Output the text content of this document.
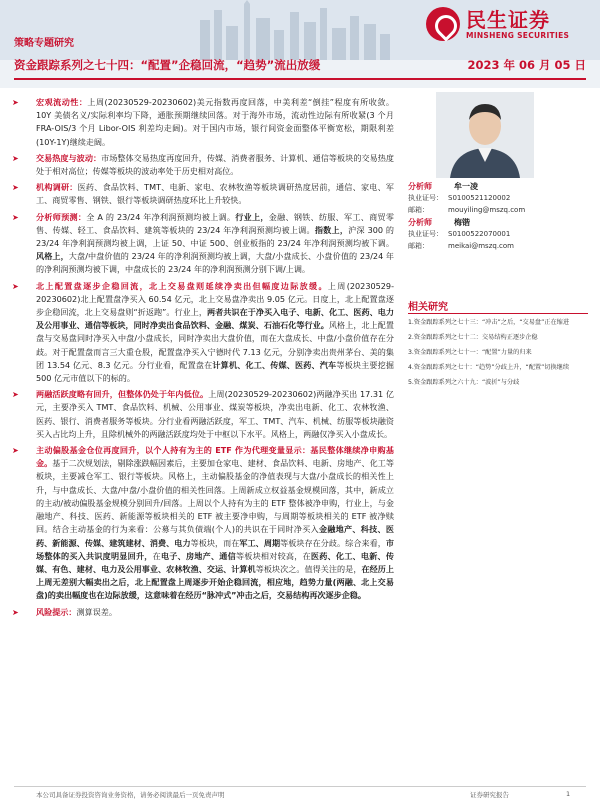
民生证券
MINSHENG SECURITIES
策略专题研究
资金跟踪系列之七十四：“配置”企稳回流，“趋势”流出放缓	2023 年 06 月 05 日
➤ 宏观流动性：上周(20230529-20230602)美元指数再度回落，中美利差“倒挂”程度有所收敛。10Y 美债名义/实际利率均下降，通胀预期继续回落。对于海外市场，流动性边际有所收紧(3 个月 FRA-OIS/3 个月 Libor-OIS 利差均走阔)。对于国内市场，银行间资金面整体平衡宽松，期限利差(10Y-1Y)继续走阔。
➤ 交易热度与波动：市场整体交易热度再度回升，传媒、消费者服务、计算机、通信等板块的交易热度处于相对高位；传媒等板块的波动率处于历史相对高位。
➤ 机构调研：医药、食品饮料、TMT、电新、家电、农林牧渔等板块调研热度居前，通信、家电、军工、商贸零售、钢铁、银行等板块调研热度环比上升较快。
➤ 分析师预测：全 A 的 23/24 年净利润预测均被上调。行业上，金融、钢铁、纺服、军工、商贸零售、传媒、轻工、食品饮料、建筑等板块的 23/24 年净利润预测均被上调。指数上，沪深 300 的 23/24 年净利润预测均被上调，上证 50、中证 500、创业板指的 23/24 年净利润预测均被下调。风格上，大盘/中盘价值的 23/24 年的净利润预测均被上调，大盘/小盘成长、小盘价值的 23/24 年的净利润预测均被下调，中盘成长的 23/24 年的净利润预测分别下调/上调。
➤ 北上配置盘逐步企稳回流，北上交易盘则延续净卖出但幅度边际放缓。上周(20230529-20230602)北上配置盘净买入 60.54 亿元，北上交易盘净卖出 9.05 亿元。日度上，北上配置盘逐步企稳回流，北上交易盘则“折返跑”。行业上，两者共识在于净买入电子、电新、化工、医药、电力及公用事业、通信等板块，同时净卖出食品饮料、金融、煤炭、石油石化等行业。风格上，北上配置盘与交易盘同时净买入中盘/小盘成长，同时净卖出大盘价值，而在大盘成长、中盘/小盘价值存在分歧。对于配置盘而言三大重仓股，配置盘净买入宁德时代 7.13 亿元，分别净卖出贵州茅台、美的集团 13.54 亿元、8.3 亿元。分行业看，配置盘在计算机、化工、传媒、医药、汽车等板块主要挖掘 500 亿元市值以下的标的。
➤ 两融活跃度略有回升，但整体仍处于年内低位。上周(20230529-20230602)两融净买出 17.31 亿元，主要净买入 TMT、食品饮料、机械、公用事业、煤炭等板块，净卖出电新、化工、农林牧渔、医药、银行、消费者服务等板块。分行业看两融活跃度，军工、TMT、汽车、机械、纺服等板块融资买入占比均上升，且除机械外的两融活跃度均处于中枢以下水平。风格上，两融仅净买入小盘成长。
➤ 主动偏股基金仓位再度回升，以个人持有为主的 ETF 作为代理变量显示：基民整体继续净申购基金。基于二次规划法，剔除涨跌幅因素后，主要加仓家电、建材、食品饮料、电新、房地产、化工等板块，主要减仓军工、银行等板块。风格上，主动偏股基金的净值表现与大盘/小盘成长的相关性上升，与中盘成长、大盘/中盘/小盘价值的相关性回落。上周新成立权益基金规模回落，其中，新成立的主动/被动偏股基金规模分别回升/回落。上周以个人持有为主的 ETF 整体被净申购，行业上，与金融地产、科技、医药、新能源等板块相关的 ETF 被主要净申购，与周期等板块相关的 ETF 被净赎回。结合主动基金的行为来看：公募与其负债端(个人)的共识在于同时净买入金融地产、科技、医药、新能源、传媒、建筑建材、消费、电力等板块，而在军工、周期等板块存在分歧。综合来看，市场整体的买入共识度明显回升，在电子、房地产、通信等板块相对较高，在医药、化工、电新、传媒、有色、建材、电力及公用事业、农林牧渔、交运、计算机等板块次之。值得关注的是，在经历上上周无差别大幅卖出之后，北上配置盘上周逐步开始企稳回流，相应地，趋势力量(两融、北上交易盘)的卖出幅度也在边际放缓，这意味着在经历“脉冲式”冲击之后，交易结构再次逐步企稳。
➤ 风险提示：测算误差。
分析师	牟一凌
执业证号： S0100521120002
邮箱：	mouyiling@mszq.com
分析师	梅锴
执业证号： S0100522070001
邮箱：	meikai@mszq.com
相关研究
1.资金跟踪系列之七十三：“冲击”之后，“交易盘”正在缩进
2.资金跟踪系列之七十二：交易结构正逐步企稳
3.资金跟踪系列之七十一：“配置”力量的归来
4.资金跟踪系列之七十：“趋势”分歧上升，“配置”切换继续
5.资金跟踪系列之六十九：“波折”与分歧
本公司具备证券投资咨询业务资格，请务必阅读最后一页免责声明	证券研究报告	1
